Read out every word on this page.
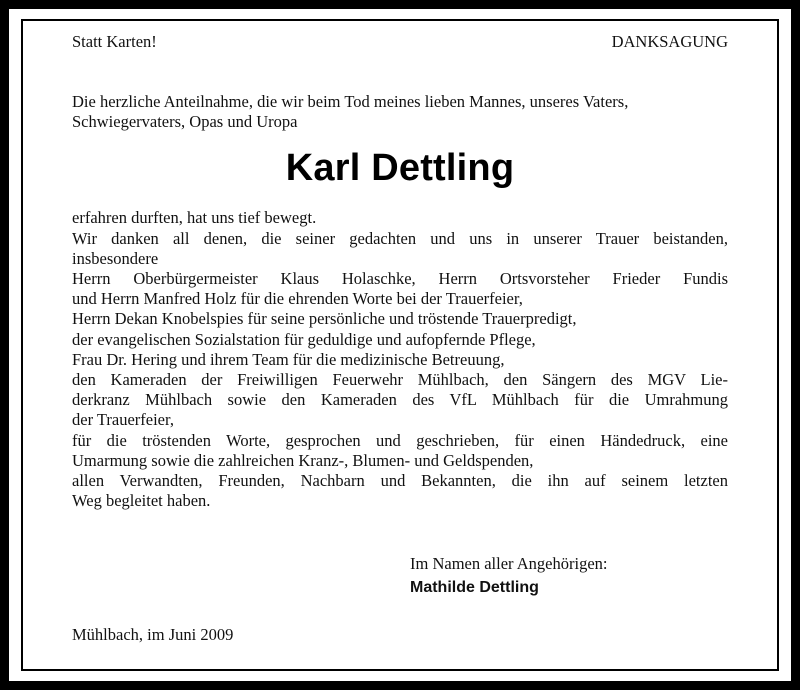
Statt Karten!	DANKSAGUNG
Die herzliche Anteilnahme, die wir beim Tod meines lieben Mannes, unseres Vaters,
Schwiegervaters, Opas und Uropa
Karl Dettling
erfahren durften, hat uns tief bewegt.
Wir danken all denen, die seiner gedachten und uns in unserer Trauer beistanden,
insbesondere
Herrn Oberbürgermeister Klaus Holaschke, Herrn Ortsvorsteher Frieder Fundis
und Herrn Manfred Holz für die ehrenden Worte bei der Trauerfeier,
Herrn Dekan Knobelspies für seine persönliche und tröstende Trauerpredigt,
der evangelischen Sozialstation für geduldige und aufopfernde Pflege,
Frau Dr. Hering und ihrem Team für die medizinische Betreuung,
den Kameraden der Freiwilligen Feuerwehr Mühlbach, den Sängern des MGV Lie-
derkranz Mühlbach sowie den Kameraden des VfL Mühlbach für die Umrahmung
der Trauerfeier,
für die tröstenden Worte, gesprochen und geschrieben, für einen Händedruck, eine
Umarmung sowie die zahlreichen Kranz-, Blumen- und Geldspenden,
allen Verwandten, Freunden, Nachbarn und Bekannten, die ihn auf seinem letzten
Weg begleitet haben.
Im Namen aller Angehörigen:
Mathilde Dettling
Mühlbach, im Juni 2009
